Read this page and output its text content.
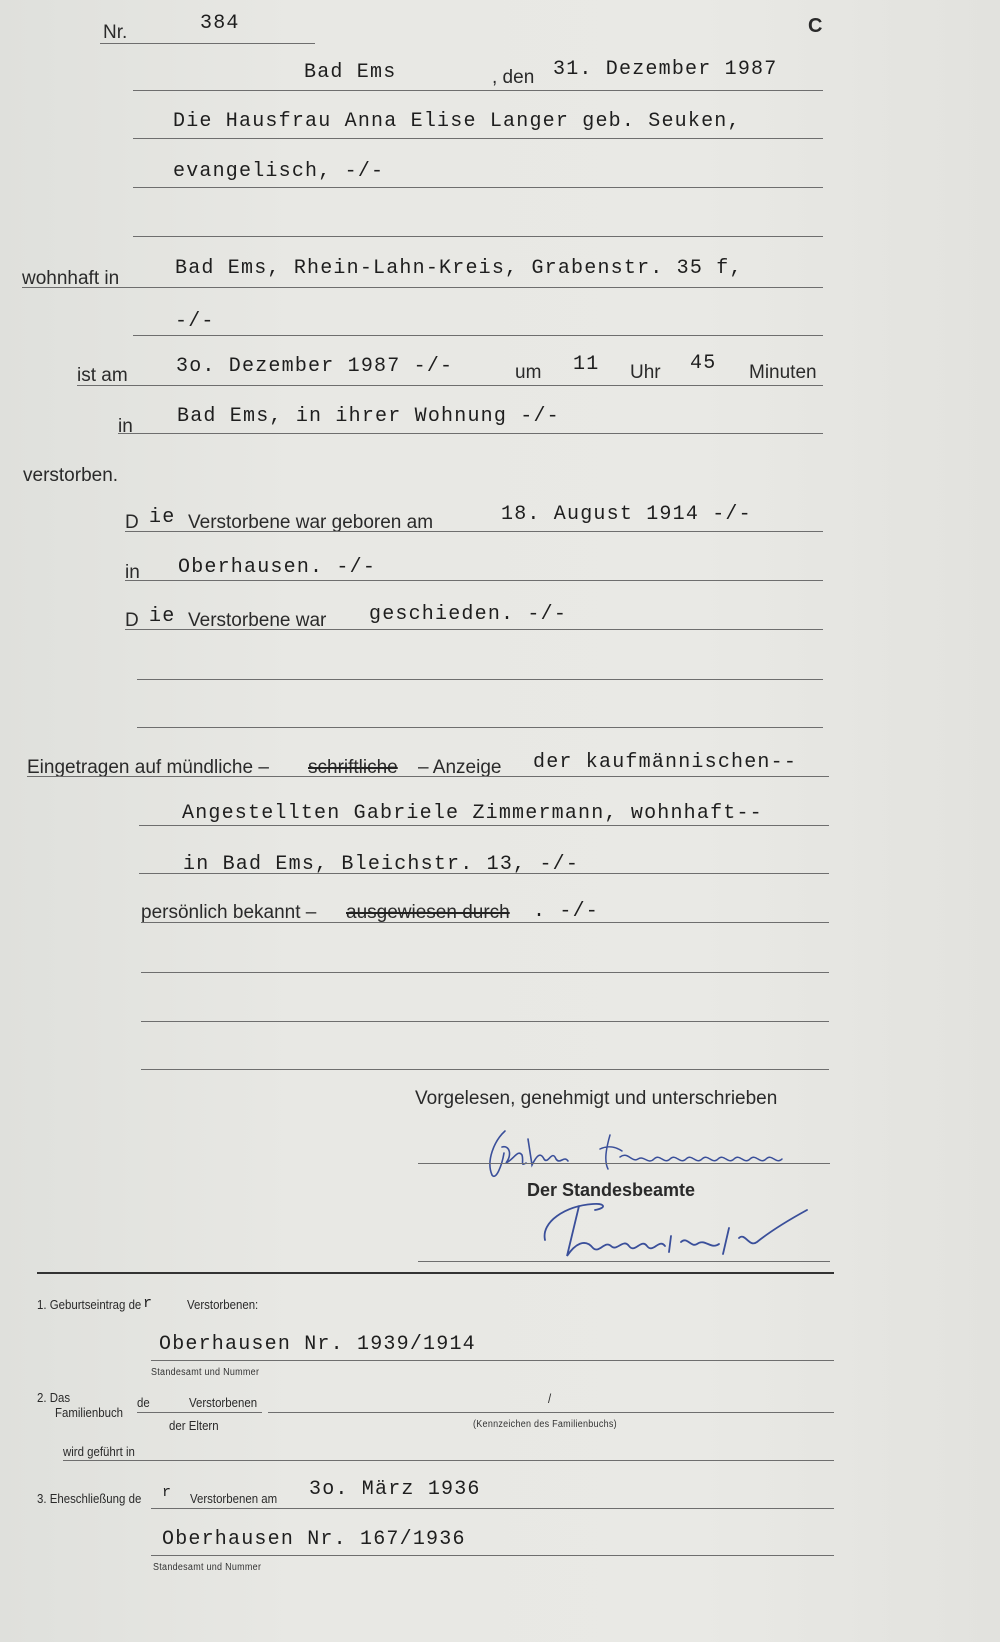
Nr.	384	C
Bad Ems	, den 31. Dezember 1987
Die Hausfrau Anna Elise Langer geb. Seuken,
evangelisch, -/-
wohnhaft in	Bad Ems, Rhein-Lahn-Kreis, Grabenstr. 35 f,
-/-
ist am 3o. Dezember 1987 -/-	um 11 Uhr 45 Minuten
in Bad Ems, in ihrer Wohnung -/-
verstorben.
D ie Verstorbene war geboren am	18. August 1914 -/-
in Oberhausen. -/-
D ie Verstorbene war geschieden. -/-
Eingetragen auf mündliche – schriftliche – Anzeige der kaufmännischen--
Angestellten Gabriele Zimmermann, wohnhaft--
in Bad Ems, Bleichstr. 13, -/-
persönlich bekannt – ausgewiesen durch . -/-
Vorgelesen, genehmigt und unterschrieben
Der Standesbeamte
1. Geburtseintrag de r	Verstorbenen:
Oberhausen Nr. 1939/1914
Standesamt und Nummer
2. Das
Familienbuch
de	Verstorbenen	/
der Eltern	(Kennzeichen des Familienbuchs)
wird geführt in
3. Eheschließung de r Verstorbenen am 3o. März 1936
Oberhausen Nr. 167/1936
Standesamt und Nummer
